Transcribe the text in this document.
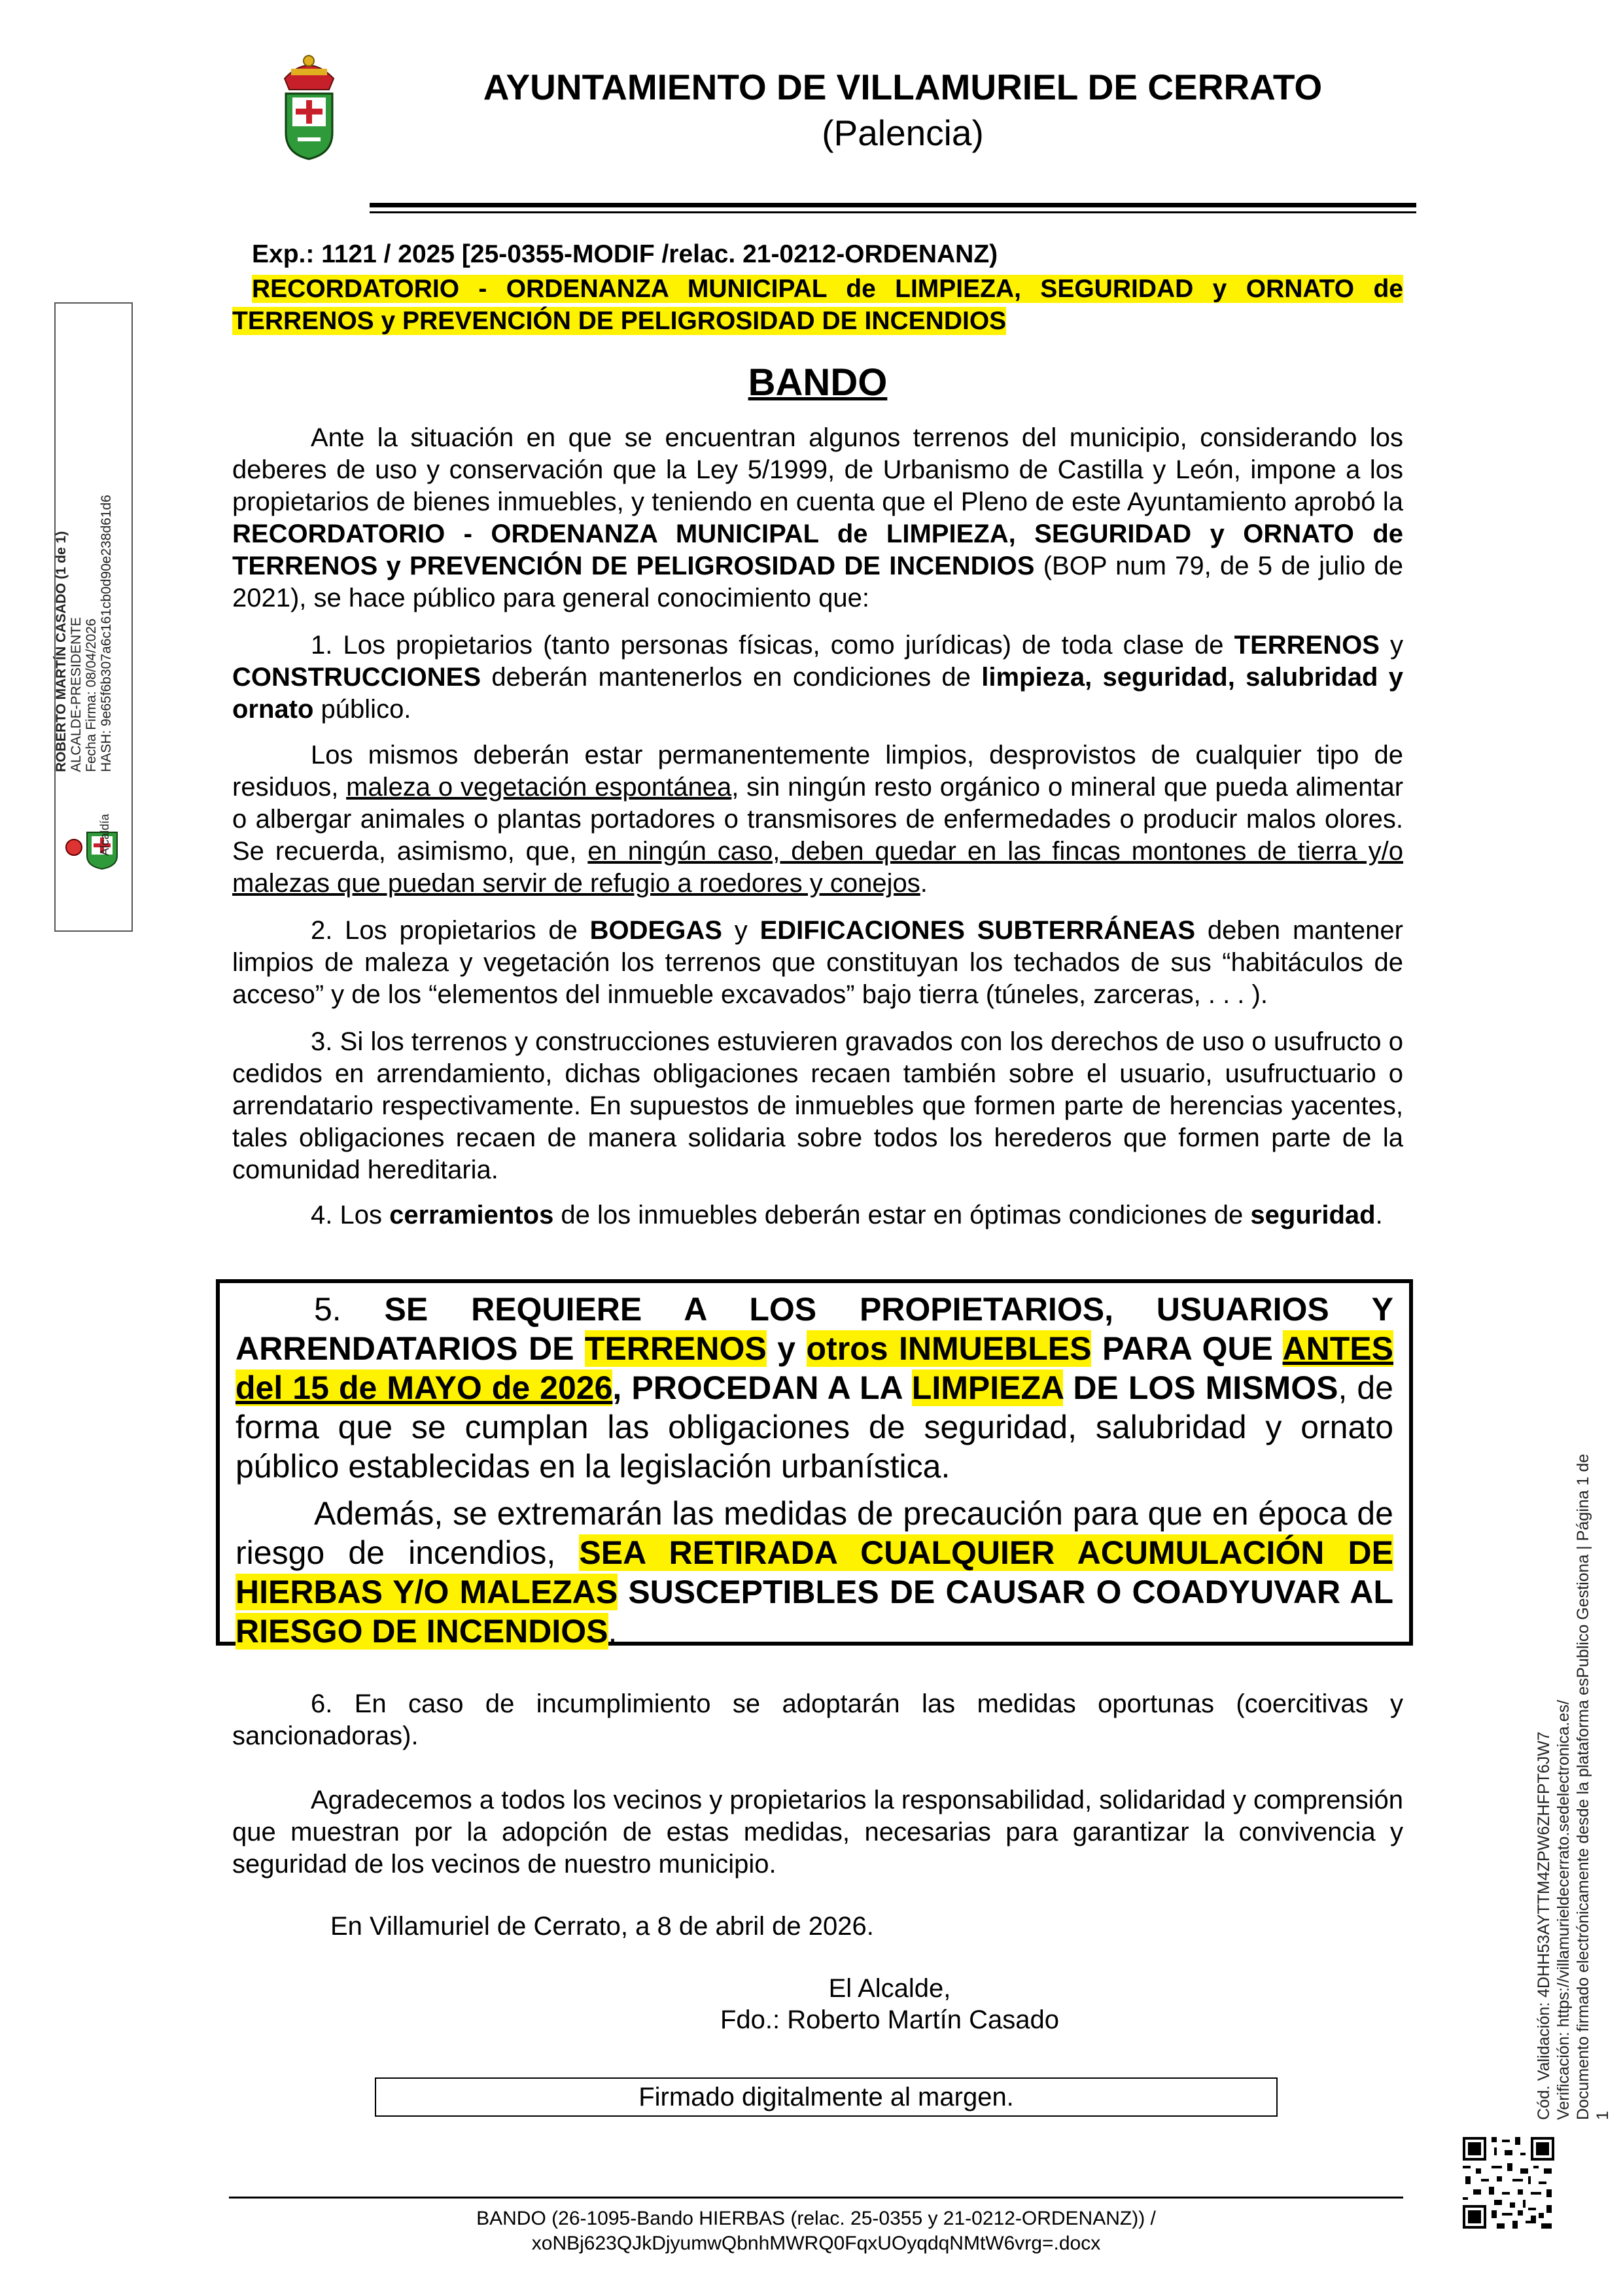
AYUNTAMIENTO DE VILLAMURIEL DE CERRATO
(Palencia)
Exp.: 1121 / 2025 [25-0355-MODIF /relac. 21-0212-ORDENANZ)
RECORDATORIO - ORDENANZA MUNICIPAL de LIMPIEZA, SEGURIDAD y ORNATO de TERRENOS y PREVENCIÓN DE PELIGROSIDAD DE INCENDIOS
BANDO
Ante la situación en que se encuentran algunos terrenos del municipio, considerando los deberes de uso y conservación que la Ley 5/1999, de Urbanismo de Castilla y León, impone a los propietarios de bienes inmuebles, y teniendo en cuenta que el Pleno de este Ayuntamiento aprobó la RECORDATORIO - ORDENANZA MUNICIPAL de LIMPIEZA, SEGURIDAD y ORNATO de TERRENOS y PREVENCIÓN DE PELIGROSIDAD DE INCENDIOS (BOP num 79, de 5 de julio de 2021), se hace público para general conocimiento que:
1. Los propietarios (tanto personas físicas, como jurídicas) de toda clase de TERRENOS y CONSTRUCCIONES deberán mantenerlos en condiciones de limpieza, seguridad, salubridad y ornato público.
Los mismos deberán estar permanentemente limpios, desprovistos de cualquier tipo de residuos, maleza o vegetación espontánea, sin ningún resto orgánico o mineral que pueda alimentar o albergar animales o plantas portadores o transmisores de enfermedades o producir malos olores. Se recuerda, asimismo, que, en ningún caso, deben quedar en las fincas montones de tierra y/o malezas que puedan servir de refugio a roedores y conejos.
2. Los propietarios de BODEGAS y EDIFICACIONES SUBTERRÁNEAS deben mantener limpios de maleza y vegetación los terrenos que constituyan los techados de sus “habitáculos de acceso” y de los “elementos del inmueble excavados” bajo tierra (túneles, zarceras, . . . ).
3. Si los terrenos y construcciones estuvieren gravados con los derechos de uso o usufructo o cedidos en arrendamiento, dichas obligaciones recaen también sobre el usuario, usufructuario o arrendatario respectivamente. En supuestos de inmuebles que formen parte de herencias yacentes, tales obligaciones recaen de manera solidaria sobre todos los herederos que formen parte de la comunidad hereditaria.
4. Los cerramientos de los inmuebles deberán estar en óptimas condiciones de seguridad.
5. SE REQUIERE A LOS PROPIETARIOS, USUARIOS Y ARRENDATARIOS DE TERRENOS y otros INMUEBLES PARA QUE ANTES del 15 de MAYO de 2026, PROCEDAN A LA LIMPIEZA DE LOS MISMOS, de forma que se cumplan las obligaciones de seguridad, salubridad y ornato público establecidas en la legislación urbanística.
Además, se extremarán las medidas de precaución para que en época de riesgo de incendios, SEA RETIRADA CUALQUIER ACUMULACIÓN DE HIERBAS Y/O MALEZAS SUSCEPTIBLES DE CAUSAR O COADYUVAR AL RIESGO DE INCENDIOS.
6. En caso de incumplimiento se adoptarán las medidas oportunas (coercitivas y sancionadoras).
Agradecemos a todos los vecinos y propietarios la responsabilidad, solidaridad y comprensión que muestran por la adopción de estas medidas, necesarias para garantizar la convivencia y seguridad de los vecinos de nuestro municipio.
En Villamuriel de Cerrato, a 8 de abril de 2026.
El Alcalde,
Fdo.: Roberto Martín Casado
Firmado digitalmente al margen.
BANDO (26-1095-Bando HIERBAS (relac. 25-0355 y 21-0212-ORDENANZ)) /
xoNBj623QJkDjyumwQbnhMWRQ0FqxUOyqdqNMtW6vrg=.docx
ROBERTO MARTÍN CASADO (1 de 1) ALCALDE-PRESIDENTE Fecha Firma: 08/04/2026 HASH: 9e65f6b307a6c161cb0d90e238d61d6
Alcaldía
Cód. Validación: 4DHH53AYTTM4ZPW6ZHFPT6JW7 Verificación: https://villamurieldecerrato.sedelectronica.es/ Documento firmado electrónicamente desde la plataforma esPublico Gestiona | Página 1 de 1
